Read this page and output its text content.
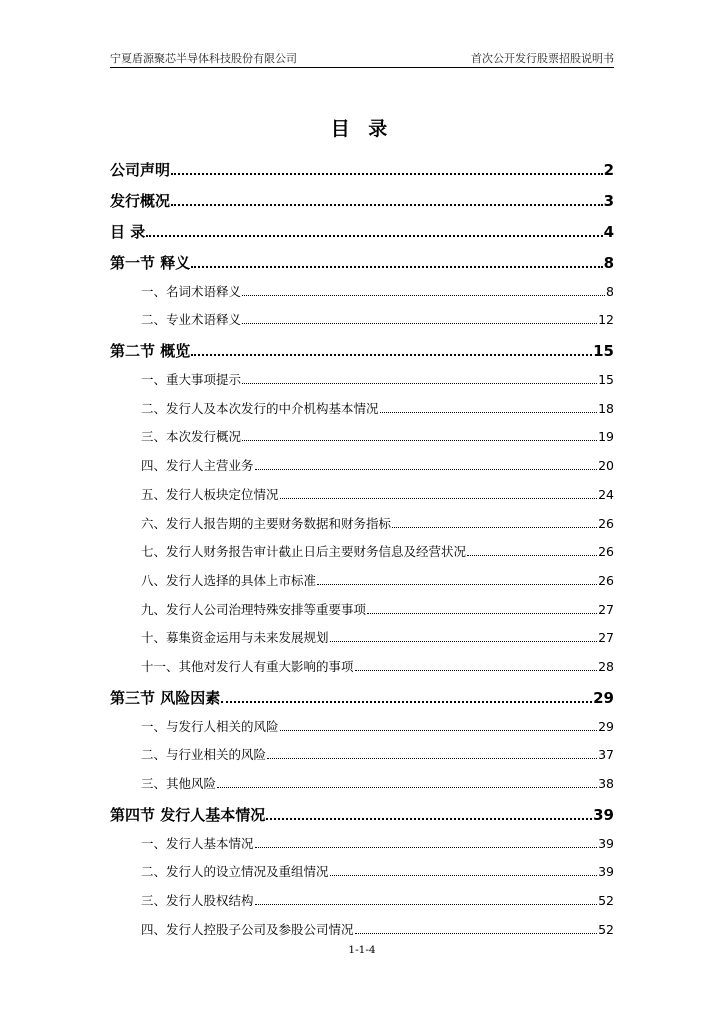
宁夏盾源聚芯半导体科技股份有限公司	首次公开发行股票招股说明书
目 录
公司声明	2
发行概况	3
目 录	4
第一节 释义	8
一、名词术语释义	8
二、专业术语释义	12
第二节 概览	15
一、重大事项提示	15
二、发行人及本次发行的中介机构基本情况	18
三、本次发行概况	19
四、发行人主营业务	20
五、发行人板块定位情况	24
六、发行人报告期的主要财务数据和财务指标	26
七、发行人财务报告审计截止日后主要财务信息及经营状况	26
八、发行人选择的具体上市标准	26
九、发行人公司治理特殊安排等重要事项	27
十、募集资金运用与未来发展规划	27
十一、其他对发行人有重大影响的事项	28
第三节 风险因素	29
一、与发行人相关的风险	29
二、与行业相关的风险	37
三、其他风险	38
第四节 发行人基本情况	39
一、发行人基本情况	39
二、发行人的设立情况及重组情况	39
三、发行人股权结构	52
四、发行人控股子公司及参股公司情况	52
1-1-4
